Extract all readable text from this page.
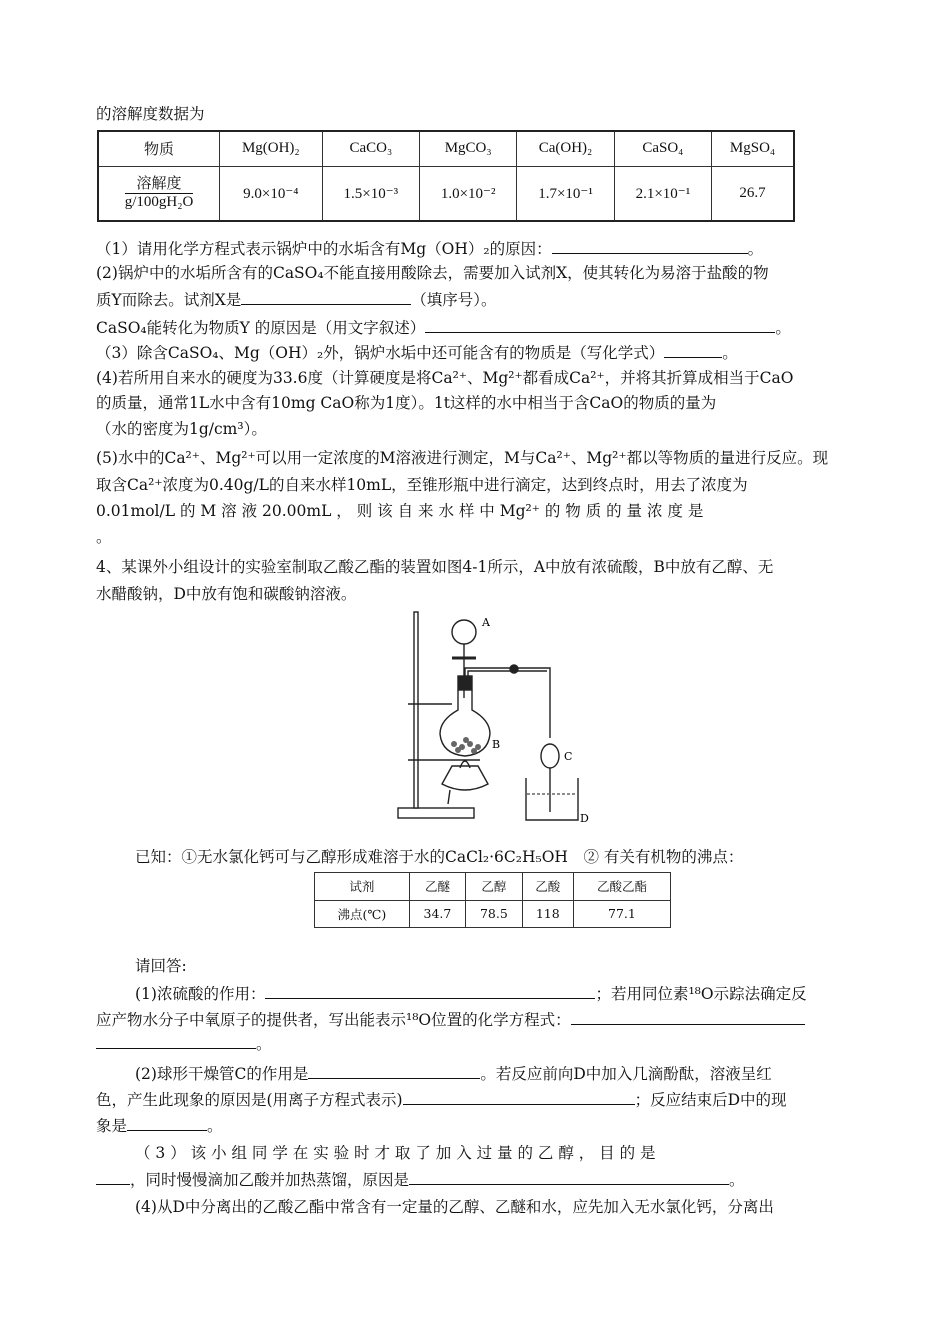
的溶解度数据为
物质	Mg(OH)₂	CaCO₃	MgCO₃	Ca(OH)₂	CaSO₄	MgSO₄

$\frac{\text{溶解度}}{\text{g/100gH₂O}}$	9.0×10⁻⁴	1.5×10⁻³	1.0×10⁻²	1.7×10⁻¹	2.1×10⁻¹	26.7
（1）请用化学方程式表示锅炉中的水垢含有Mg（OH）₂的原因：	。
(2)锅炉中的水垢所含有的CaSO₄不能直接用酸除去，需要加入试剂X，使其转化为易溶于盐酸的物
质Y而除去。试剂X是	（填序号）。
CaSO₄能转化为物质Y 的原因是（用文字叙述）	。
（3）除含CaSO₄、Mg（OH）₂外，锅炉水垢中还可能含有的物质是（写化学式）	。
(4)若所用自来水的硬度为33.6度（计算硬度是将Ca²⁺、Mg²⁺都看成Ca²⁺，并将其折算成相当于CaO
的质量，通常1L水中含有10mg CaO称为1度）。1t这样的水中相当于含CaO的物质的量为
（水的密度为1g/cm³）。
(5)水中的Ca²⁺、Mg²⁺可以用一定浓度的M溶液进行测定，M与Ca²⁺、Mg²⁺都以等物质的量进行反应。现
取含Ca²⁺浓度为0.40g/L的自来水样10mL，至锥形瓶中进行滴定，达到终点时，用去了浓度为
0.01mol/L 的 M 溶 液 20.00mL ， 则 该 自 来 水 样 中 Mg²⁺ 的 物 质 的 量 浓 度 是
。
4、某课外小组设计的实验室制取乙酸乙酯的装置如图4-1所示，A中放有浓硫酸，B中放有乙醇、无
水醋酸钠，D中放有饱和碳酸钠溶液。
A
B
C
D
已知：①无水氯化钙可与乙醇形成难溶于水的CaCl₂·6C₂H₅OH　② 有关有机物的沸点：
试剂	乙醚	乙醇	乙酸	乙酸乙酯
沸点(℃)	34.7	78.5	118	77.1
请回答:
(1)浓硫酸的作用：	；若用同位素¹⁸O示踪法确定反
应产物水分子中氧原子的提供者，写出能表示¹⁸O位置的化学方程式：
。
(2)球形干燥管C的作用是	。若反应前向D中加入几滴酚酞，溶液呈红
色，产生此现象的原因是(用离子方程式表示)	；反应结束后D中的现
象是	。
（ 3 ） 该 小 组 同 学 在 实 验 时 才 取 了 加 入 过 量 的 乙 醇 ， 目 的 是
，同时慢慢滴加乙酸并加热蒸馏，原因是	。
(4)从D中分离出的乙酸乙酯中常含有一定量的乙醇、乙醚和水，应先加入无水氯化钙，分离出
